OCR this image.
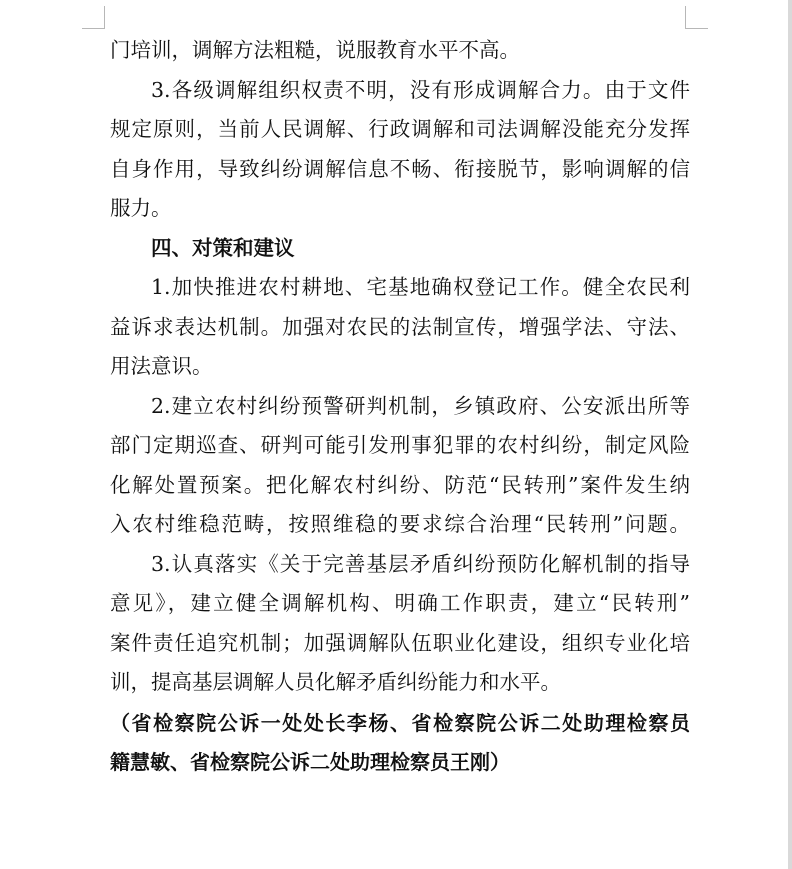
门培训，调解方法粗糙，说服教育水平不高。
3.各级调解组织权责不明，没有形成调解合力。由于文件
规定原则，当前人民调解、行政调解和司法调解没能充分发挥
自身作用，导致纠纷调解信息不畅、衔接脱节，影响调解的信
服力。
四、对策和建议
1.加快推进农村耕地、宅基地确权登记工作。健全农民利
益诉求表达机制。加强对农民的法制宣传，增强学法、守法、
用法意识。
2.建立农村纠纷预警研判机制，乡镇政府、公安派出所等
部门定期巡查、研判可能引发刑事犯罪的农村纠纷，制定风险
化解处置预案。把化解农村纠纷、防范“民转刑”案件发生纳
入农村维稳范畴，按照维稳的要求综合治理“民转刑”问题。
3.认真落实《关于完善基层矛盾纠纷预防化解机制的指导
意见》，建立健全调解机构、明确工作职责，建立“民转刑”
案件责任追究机制；加强调解队伍职业化建设，组织专业化培
训，提高基层调解人员化解矛盾纠纷能力和水平。
（省检察院公诉一处处长李杨、省检察院公诉二处助理检察员
籍慧敏、省检察院公诉二处助理检察员王刚）
